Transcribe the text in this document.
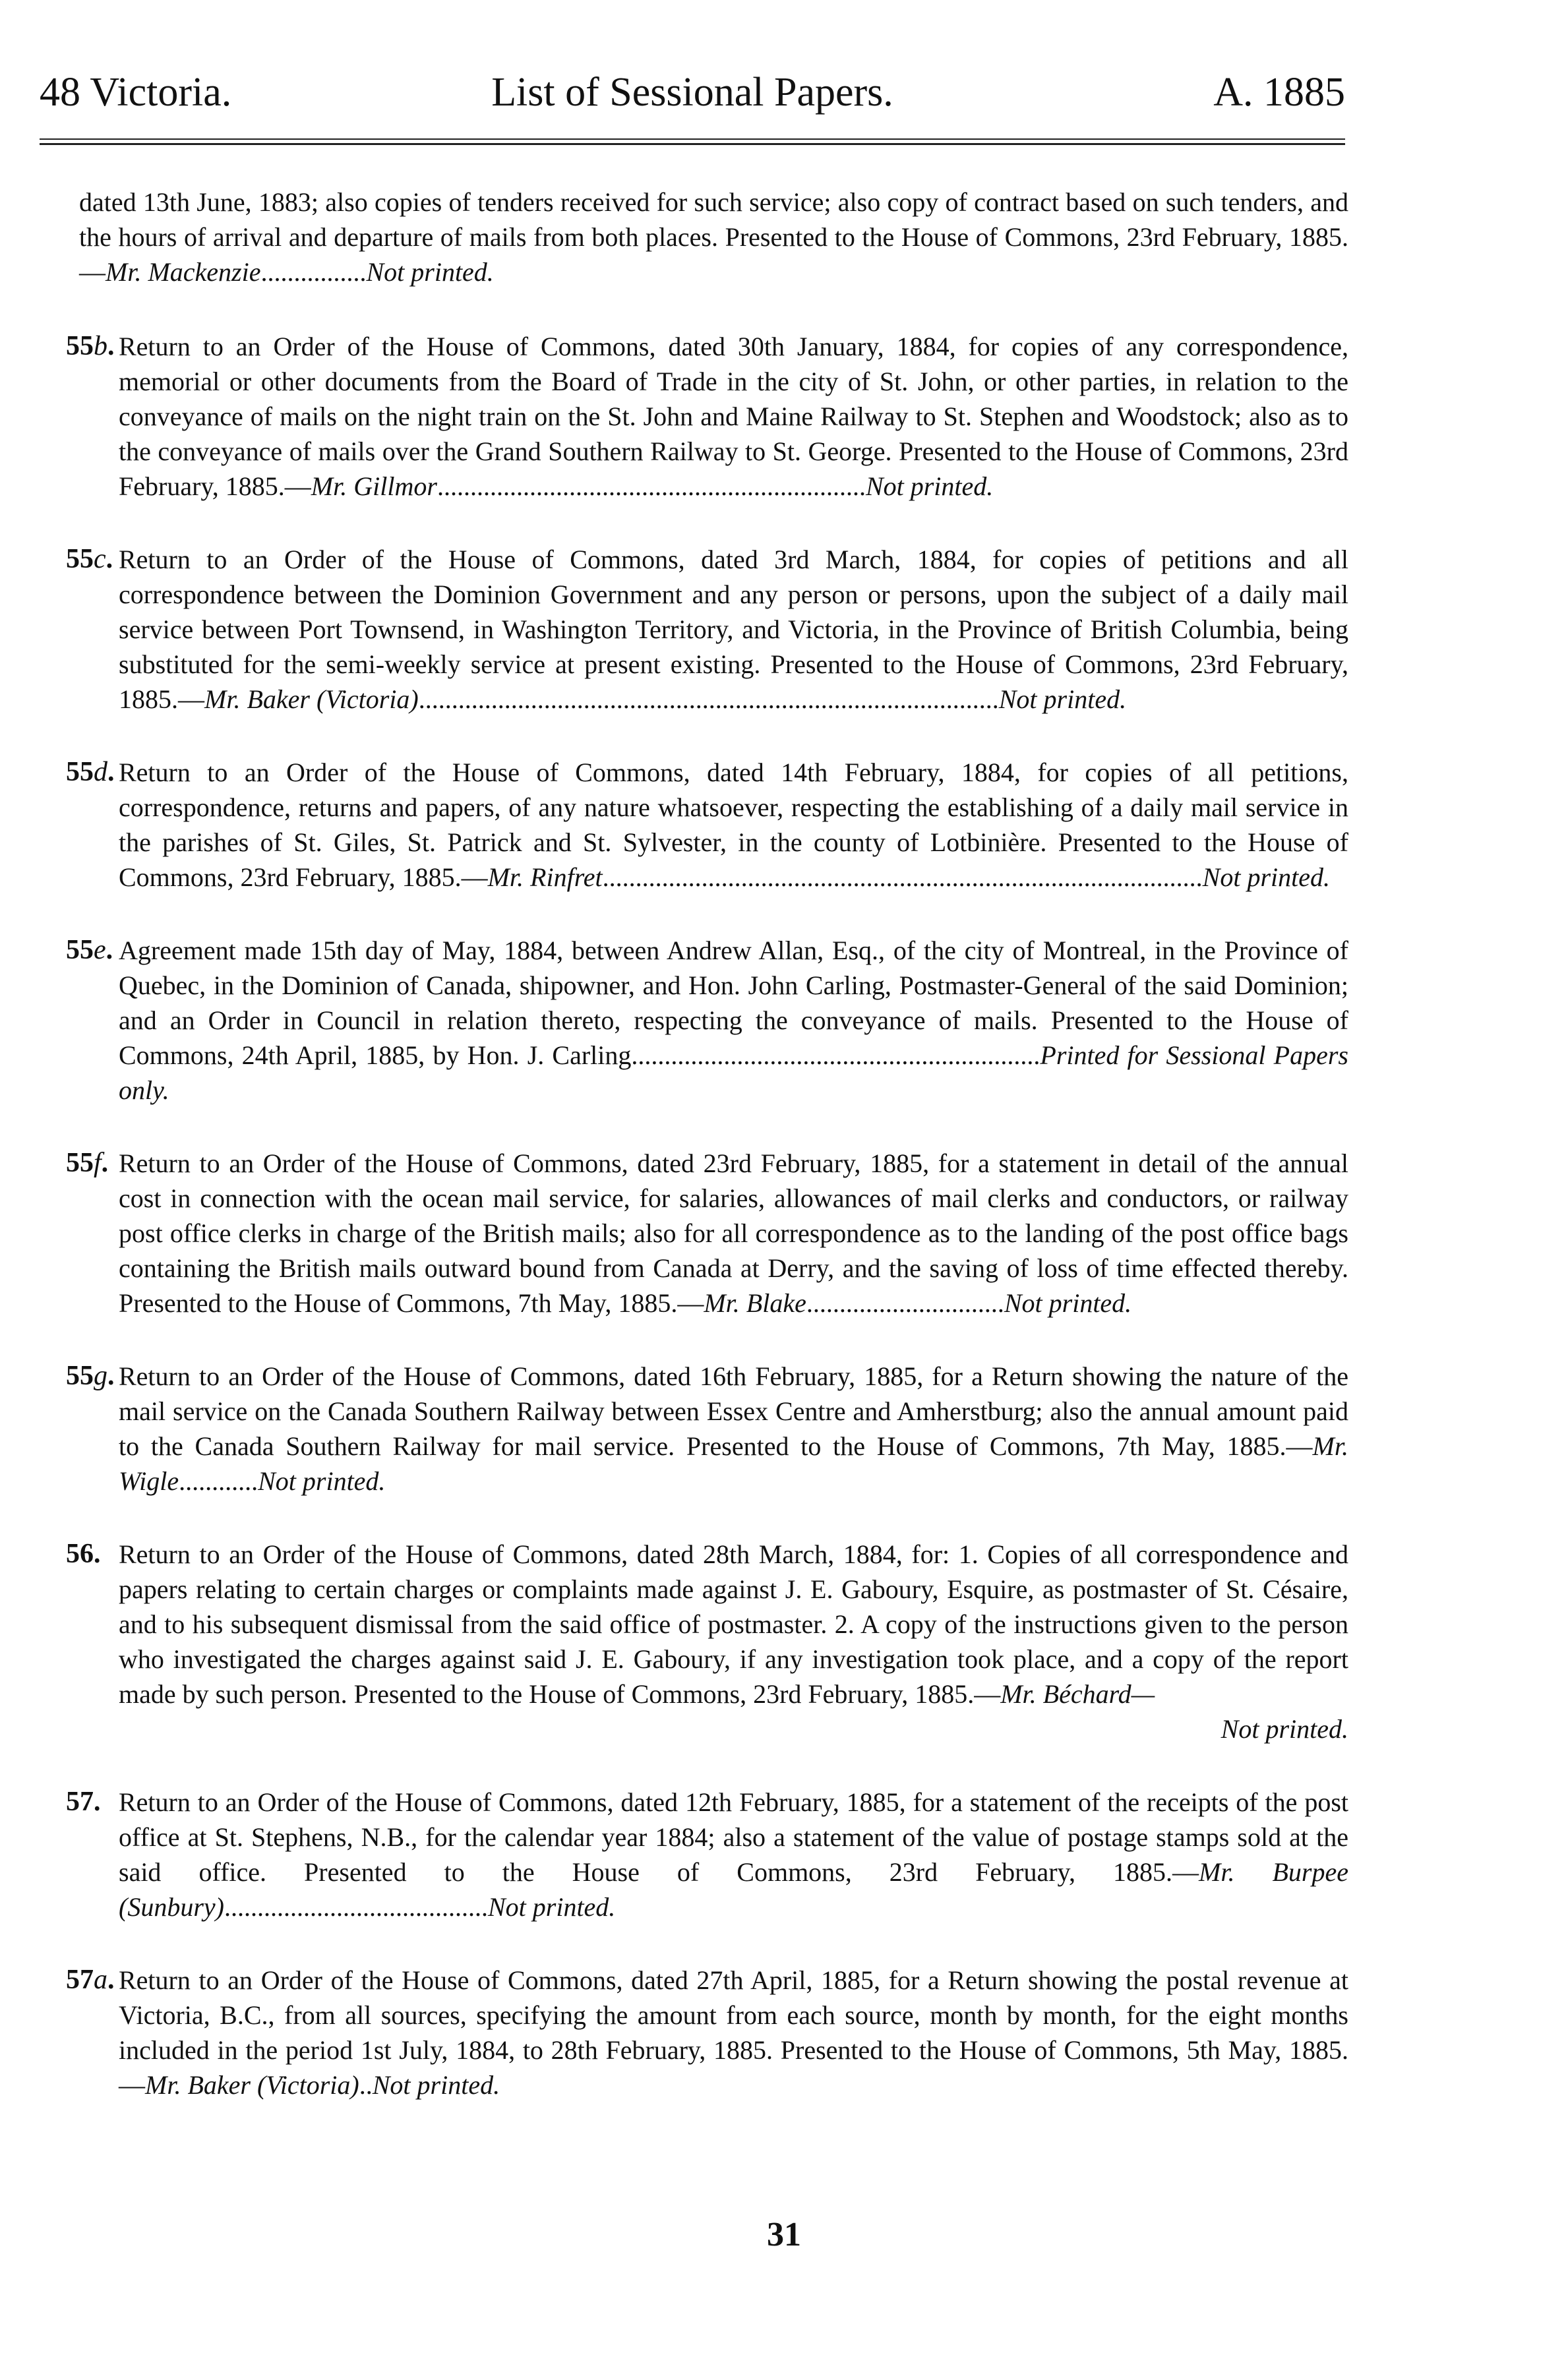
48 Victoria.	List of Sessional Papers.	A. 1885
dated 13th June, 1883; also copies of tenders received for such service; also copy of contract based on such tenders, and the hours of arrival and departure of mails from both places. Presented to the House of Commons, 23rd February, 1885.—Mr. Mackenzie................Not printed.
55b. Return to an Order of the House of Commons, dated 30th January, 1884, for copies of any correspondence, memorial or other documents from the Board of Trade in the city of St. John, or other parties, in relation to the conveyance of mails on the night train on the St. John and Maine Railway to St. Stephen and Woodstock; also as to the conveyance of mails over the Grand Southern Railway to St. George. Presented to the House of Commons, 23rd February, 1885.—Mr. Gillmor.................................................................Not printed.
55c. Return to an Order of the House of Commons, dated 3rd March, 1884, for copies of petitions and all correspondence between the Dominion Government and any person or persons, upon the subject of a daily mail service between Port Townsend, in Washington Territory, and Victoria, in the Province of British Columbia, being substituted for the semi-weekly service at present existing. Presented to the House of Commons, 23rd February, 1885.—Mr. Baker (Victoria)........................................................................................Not printed.
55d. Return to an Order of the House of Commons, dated 14th February, 1884, for copies of all petitions, correspondence, returns and papers, of any nature whatsoever, respecting the establishing of a daily mail service in the parishes of St. Giles, St. Patrick and St. Sylvester, in the county of Lotbinière. Presented to the House of Commons, 23rd February, 1885.—Mr. Rinfret...........................................................................................Not printed.
55e. Agreement made 15th day of May, 1884, between Andrew Allan, Esq., of the city of Montreal, in the Province of Quebec, in the Dominion of Canada, shipowner, and Hon. John Carling, Postmaster-General of the said Dominion; and an Order in Council in relation thereto, respecting the conveyance of mails. Presented to the House of Commons, 24th April, 1885, by Hon. J. Carling..............................................................Printed for Sessional Papers only.
55f. Return to an Order of the House of Commons, dated 23rd February, 1885, for a statement in detail of the annual cost in connection with the ocean mail service, for salaries, allowances of mail clerks and conductors, or railway post office clerks in charge of the British mails; also for all correspondence as to the landing of the post office bags containing the British mails outward bound from Canada at Derry, and the saving of loss of time effected thereby. Presented to the House of Commons, 7th May, 1885.—Mr. Blake..............................Not printed.
55g. Return to an Order of the House of Commons, dated 16th February, 1885, for a Return showing the nature of the mail service on the Canada Southern Railway between Essex Centre and Amherstburg; also the annual amount paid to the Canada Southern Railway for mail service. Presented to the House of Commons, 7th May, 1885.—Mr. Wigle............Not printed.
56. Return to an Order of the House of Commons, dated 28th March, 1884, for: 1. Copies of all correspondence and papers relating to certain charges or complaints made against J. E. Gaboury, Esquire, as postmaster of St. Césaire, and to his subsequent dismissal from the said office of postmaster. 2. A copy of the instructions given to the person who investigated the charges against said J. E. Gaboury, if any investigation took place, and a copy of the report made by such person. Presented to the House of Commons, 23rd February, 1885.—Mr. Béchard—
Not printed.
57. Return to an Order of the House of Commons, dated 12th February, 1885, for a statement of the receipts of the post office at St. Stephens, N.B., for the calendar year 1884; also a statement of the value of postage stamps sold at the said office. Presented to the House of Commons, 23rd February, 1885.—Mr. Burpee (Sunbury)........................................Not printed.
57a. Return to an Order of the House of Commons, dated 27th April, 1885, for a Return showing the postal revenue at Victoria, B.C., from all sources, specifying the amount from each source, month by month, for the eight months included in the period 1st July, 1884, to 28th February, 1885. Presented to the House of Commons, 5th May, 1885.—Mr. Baker (Victoria)..Not printed.
31
